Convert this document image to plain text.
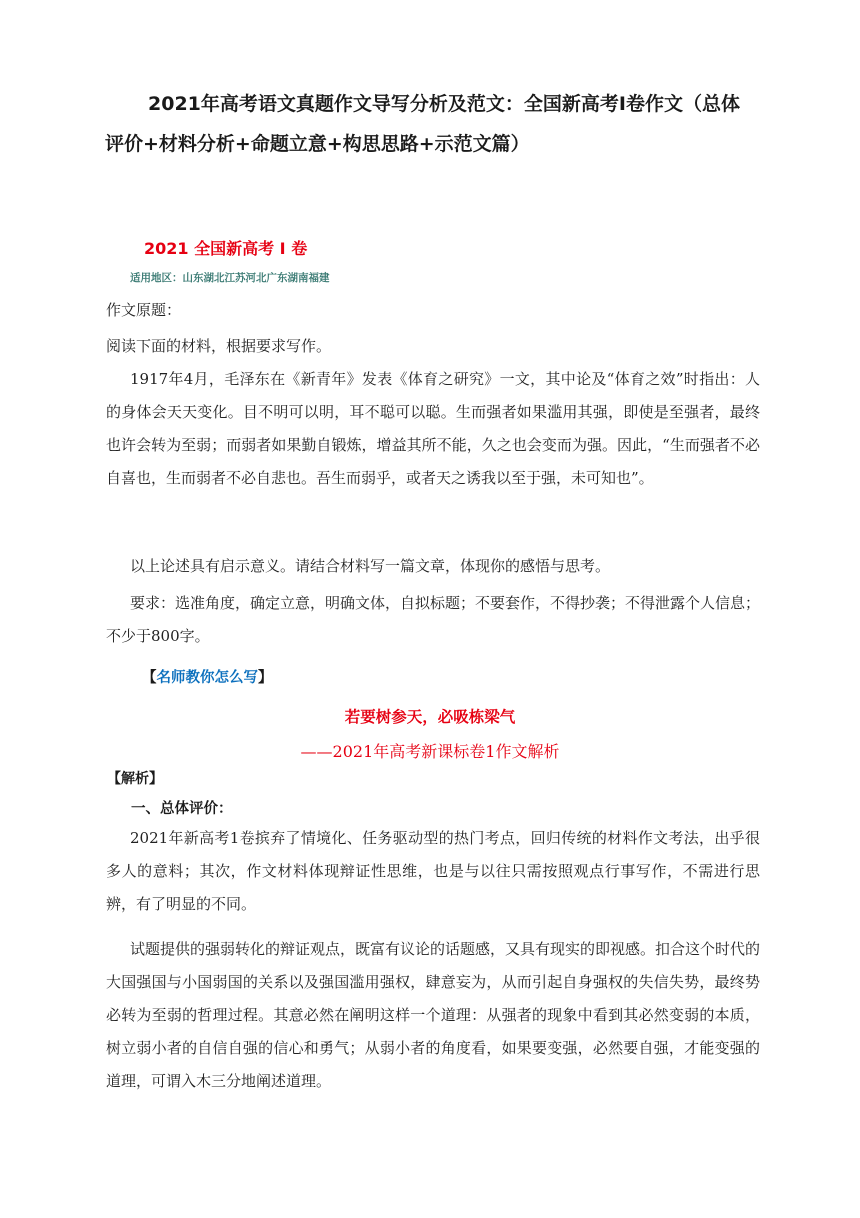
2021年高考语文真题作文导写分析及范文：全国新高考Ⅰ卷作文（总体评价+材料分析+命题立意+构思思路+示范文篇）
2021 全国新高考 Ⅰ 卷
适用地区：山东湖北江苏河北广东湖南福建

作文原题：

阅读下面的材料，根据要求写作。

1917年4月，毛泽东在《新青年》发表《体育之研究》一文，其中论及“体育之效”时指出：人的身体会天天变化。目不明可以明，耳不聪可以聪。生而强者如果滥用其强，即使是至强者，最终也许会转为至弱；而弱者如果勤自锻炼，增益其所不能，久之也会变而为强。因此，“生而强者不必自喜也，生而弱者不必自悲也。吾生而弱乎，或者天之诱我以至于强，未可知也”。

以上论述具有启示意义。请结合材料写一篇文章，体现你的感悟与思考。

要求：选准角度，确定立意，明确文体，自拟标题；不要套作，不得抄袭；不得泄露个人信息；不少于800字。

【名师教你怎么写】

若要树参天，必吸栋梁气

——2021年高考新课标卷1作文解析

【解析】
一、总体评价：

2021年新高考1卷摈弃了情境化、任务驱动型的热门考点，回归传统的材料作文考法，出乎很多人的意料；其次，作文材料体现辩证性思维，也是与以往只需按照观点行事写作，不需进行思辨，有了明显的不同。

试题提供的强弱转化的辩证观点，既富有议论的话题感，又具有现实的即视感。扣合这个时代的大国强国与小国弱国的关系以及强国滥用强权，肆意妄为，从而引起自身强权的失信失势，最终势必转为至弱的哲理过程。其意必然在阐明这样一个道理：从强者的现象中看到其必然变弱的本质，树立弱小者的自信自强的信心和勇气；从弱小者的角度看，如果要变强，必然要自强，才能变强的道理，可谓入木三分地阐述道理。
